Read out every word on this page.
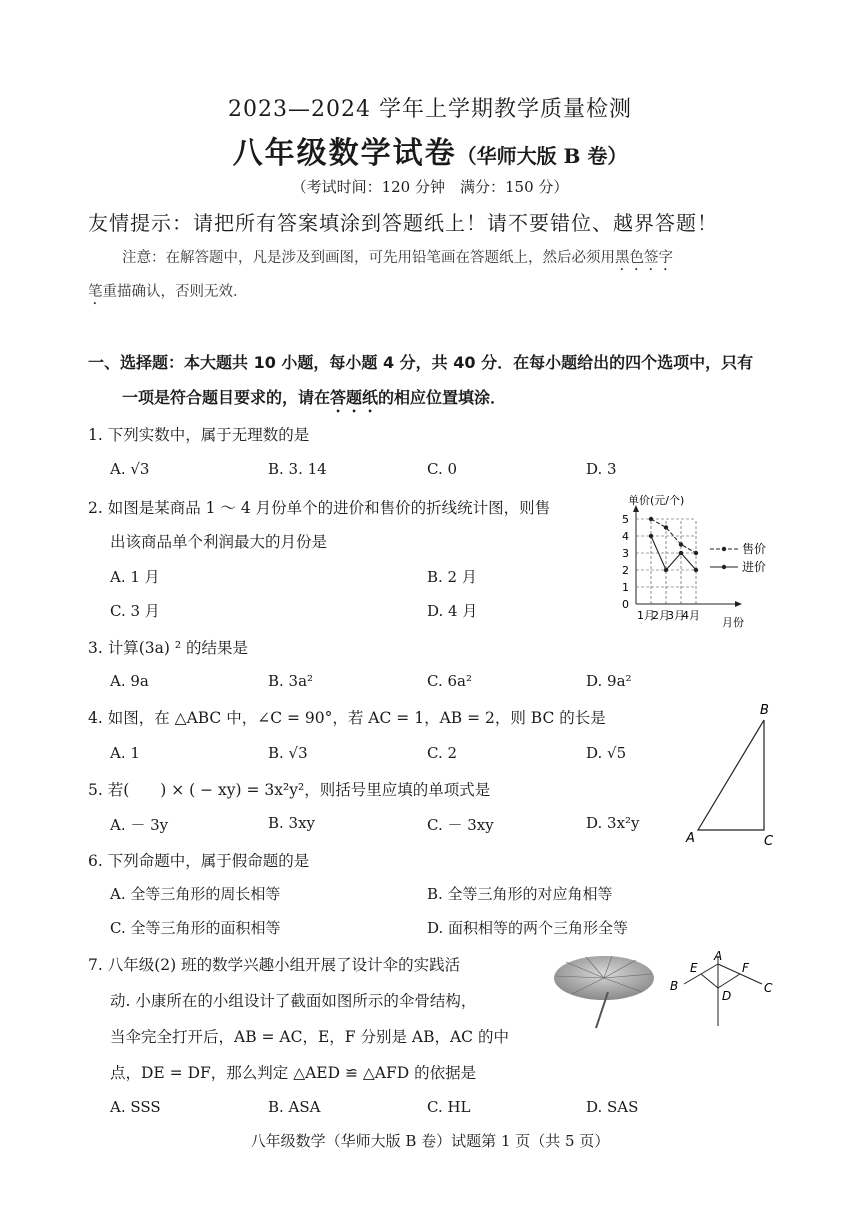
2023—2024 学年上学期教学质量检测
八年级数学试卷（华师大版 B 卷）
（考试时间：120 分钟　满分：150 分）
友情提示：请把所有答案填涂到答题纸上！请不要错位、越界答题！
注意：在解答题中，凡是涉及到画图，可先用铅笔画在答题纸上，然后必须用黑色签字
笔重描确认，否则无效．
一、选择题：本大题共 10 小题，每小题 4 分，共 40 分．在每小题给出的四个选项中，只有
一项是符合题目要求的，请在答题纸的相应位置填涂．
1. 下列实数中，属于无理数的是
A. √3	B. 3. 14	C. 0	D. 3
2. 如图是某商品 1 ～ 4 月份单个的进价和售价的折线统计图，则售
出该商品单个利润最大的月份是
A. 1 月	B. 2 月
C. 3 月	D. 4 月	0
1
2
3
4
5
1月
2月
3月
4月
单价(元/个)
月份
售价
进价
3. 计算(3a) ² 的结果是
A. 9a	B. 3a²	C. 6a²	D. 9a²
4. 如图，在 △ABC 中，∠C = 90°，若 AC = 1，AB = 2，则 BC 的长是
A. 1	B. √3	C. 2	D. √5
B
A	C
5. 若(　　) × ( − xy) = 3x²y²，则括号里应填的单项式是
A. － 3y	B. 3xy	C. － 3xy	D. 3x²y
6. 下列命题中，属于假命题的是
A. 全等三角形的周长相等	B. 全等三角形的对应角相等
C. 全等三角形的面积相等	D. 面积相等的两个三角形全等
7. 八年级(2) 班的数学兴趣小组开展了设计伞的实践活
动. 小康所在的小组设计了截面如图所示的伞骨结构，
当伞完全打开后，AB = AC，E，F 分别是 AB，AC 的中
点，DE = DF，那么判定 △AED ≌ △AFD 的依据是
A. SSS	B. ASA	C. HL	D. SAS
A
B	C
D
E	F
八年级数学（华师大版 B 卷）试题第 1 页（共 5 页）
